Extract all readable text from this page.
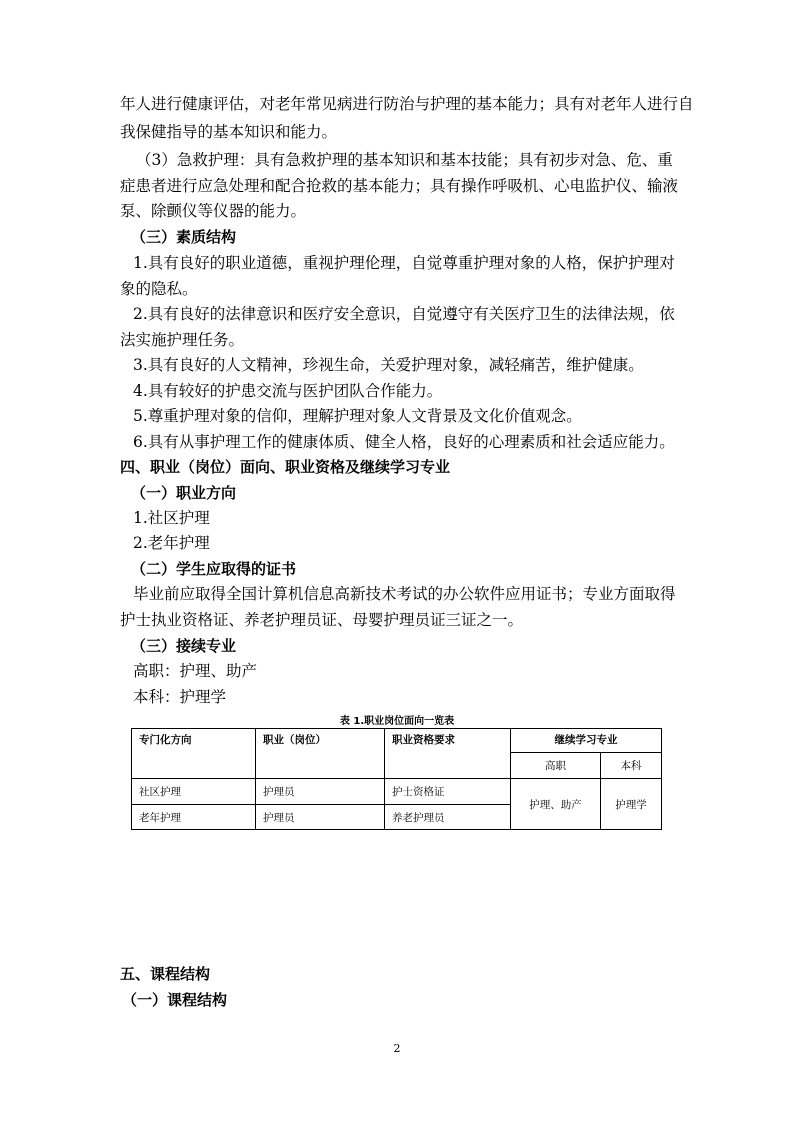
年人进行健康评估，对老年常见病进行防治与护理的基本能力；具有对老年人进行自
我保健指导的基本知识和能力。
（3）急救护理：具有急救护理的基本知识和基本技能；具有初步对急、危、重
症患者进行应急处理和配合抢救的基本能力；具有操作呼吸机、心电监护仪、输液
泵、除颤仪等仪器的能力。
（三）素质结构
1.具有良好的职业道德，重视护理伦理，自觉尊重护理对象的人格，保护护理对
象的隐私。
2.具有良好的法律意识和医疗安全意识，自觉遵守有关医疗卫生的法律法规，依
法实施护理任务。
3.具有良好的人文精神，珍视生命，关爱护理对象，减轻痛苦，维护健康。
4.具有较好的护患交流与医护团队合作能力。
5.尊重护理对象的信仰，理解护理对象人文背景及文化价值观念。
6.具有从事护理工作的健康体质、健全人格，良好的心理素质和社会适应能力。
四、职业（岗位）面向、职业资格及继续学习专业
（一）职业方向
1.社区护理
2.老年护理
（二）学生应取得的证书
毕业前应取得全国计算机信息高新技术考试的办公软件应用证书；专业方面取得
护士执业资格证、养老护理员证、母婴护理员证三证之一。
（三）接续专业
高职：护理、助产
本科：护理学
表 1.职业岗位面向一览表
专门化方向	职业（岗位）	职业资格要求	继续学习专业	
			高职	本科
社区护理	护理员	护士资格证	护理、助产	护理学
老年护理	护理员	养老护理员		
五、课程结构
（一）课程结构
2
